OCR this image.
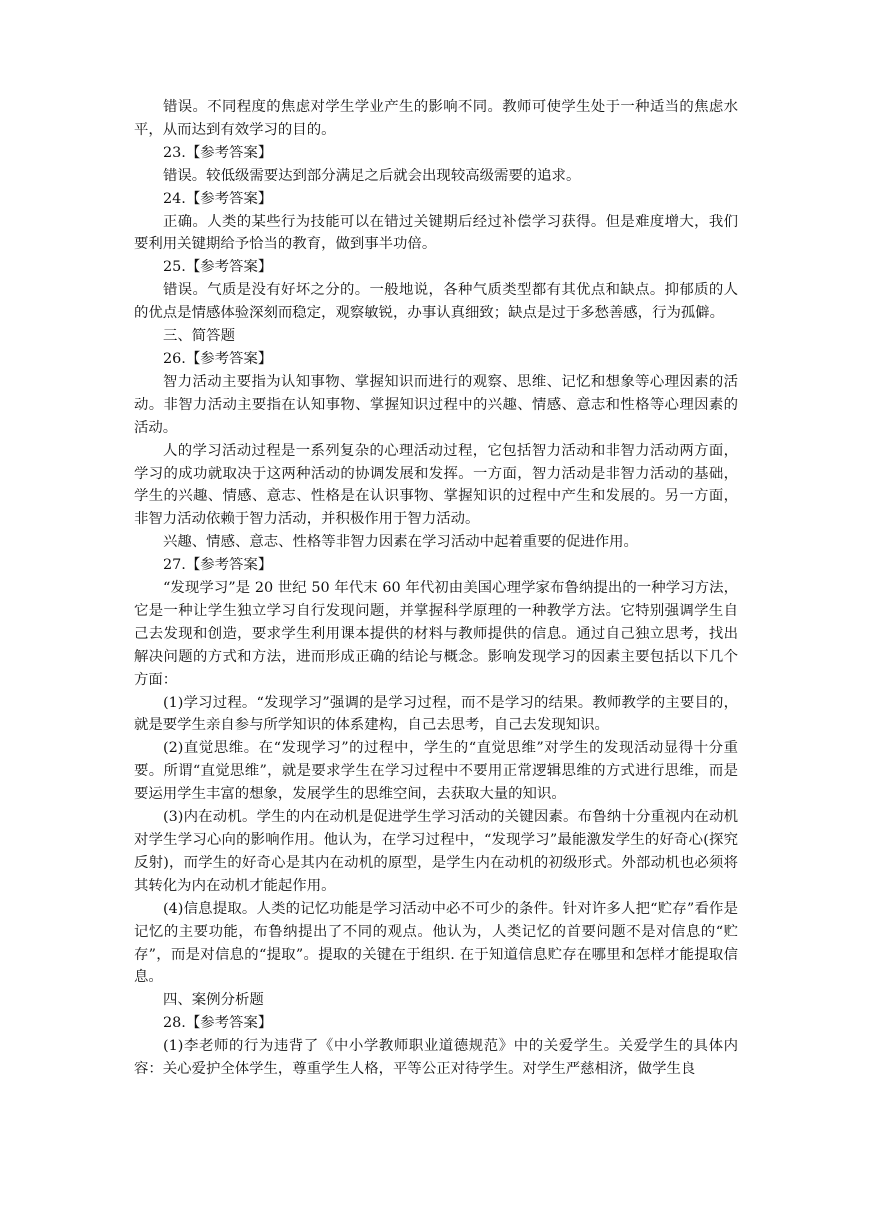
错误。不同程度的焦虑对学生学业产生的影响不同。教师可使学生处于一种适当的焦虑水平，从而达到有效学习的目的。

23.【参考答案】

错误。较低级需要达到部分满足之后就会出现较高级需要的追求。

24.【参考答案】

正确。人类的某些行为技能可以在错过关键期后经过补偿学习获得。但是难度增大，我们要利用关键期给予恰当的教育，做到事半功倍。

25.【参考答案】

错误。气质是没有好坏之分的。一般地说，各种气质类型都有其优点和缺点。抑郁质的人的优点是情感体验深刻而稳定，观察敏锐，办事认真细致；缺点是过于多愁善感，行为孤僻。

三、简答题

26.【参考答案】

智力活动主要指为认知事物、掌握知识而进行的观察、思维、记忆和想象等心理因素的活动。非智力活动主要指在认知事物、掌握知识过程中的兴趣、情感、意志和性格等心理因素的活动。

人的学习活动过程是一系列复杂的心理活动过程，它包括智力活动和非智力活动两方面，学习的成功就取决于这两种活动的协调发展和发挥。一方面，智力活动是非智力活动的基础，学生的兴趣、情感、意志、性格是在认识事物、掌握知识的过程中产生和发展的。另一方面，非智力活动依赖于智力活动，并积极作用于智力活动。

兴趣、情感、意志、性格等非智力因素在学习活动中起着重要的促进作用。

27.【参考答案】

“发现学习”是 20 世纪 50 年代末 60 年代初由美国心理学家布鲁纳提出的一种学习方法，它是一种让学生独立学习自行发现问题，并掌握科学原理的一种教学方法。它特别强调学生自己去发现和创造，要求学生利用课本提供的材料与教师提供的信息。通过自己独立思考，找出解决问题的方式和方法，进而形成正确的结论与概念。影响发现学习的因素主要包括以下几个方面：

(1)学习过程。“发现学习”强调的是学习过程，而不是学习的结果。教师教学的主要目的，就是要学生亲自参与所学知识的体系建构，自己去思考，自己去发现知识。

(2)直觉思维。在“发现学习”的过程中，学生的“直觉思维”对学生的发现活动显得十分重要。所谓“直觉思维”，就是要求学生在学习过程中不要用正常逻辑思维的方式进行思维，而是要运用学生丰富的想象，发展学生的思维空间，去获取大量的知识。

(3)内在动机。学生的内在动机是促进学生学习活动的关键因素。布鲁纳十分重视内在动机对学生学习心向的影响作用。他认为，在学习过程中，“发现学习”最能激发学生的好奇心(探究反射)，而学生的好奇心是其内在动机的原型，是学生内在动机的初级形式。外部动机也必须将其转化为内在动机才能起作用。

(4)信息提取。人类的记忆功能是学习活动中必不可少的条件。针对许多人把“贮存”看作是记忆的主要功能，布鲁纳提出了不同的观点。他认为，人类记忆的首要问题不是对信息的“贮存”，而是对信息的“提取”。提取的关键在于组织. 在于知道信息贮存在哪里和怎样才能提取信息。

四、案例分析题

28.【参考答案】

(1)李老师的行为违背了《中小学教师职业道德规范》中的关爱学生。关爱学生的具体内容：关心爱护全体学生，尊重学生人格，平等公正对待学生。对学生严慈相济，做学生良
